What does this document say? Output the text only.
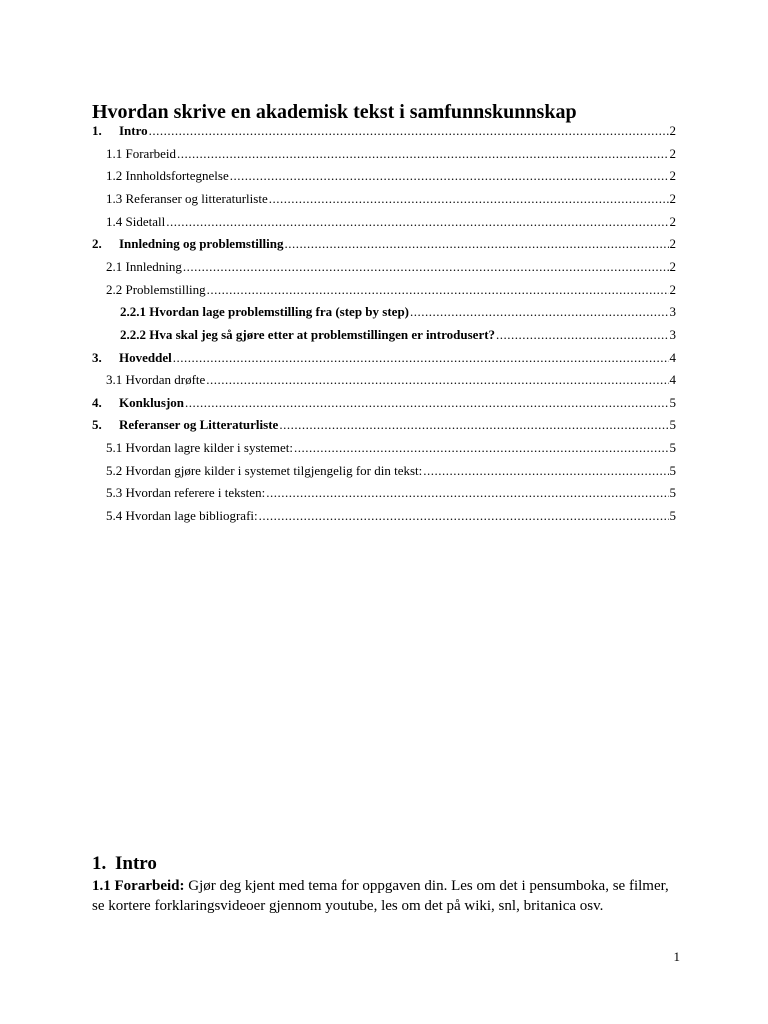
Hvordan skrive en akademisk tekst i samfunnskunnskap
1.	Intro .....	2
1.1 Forarbeid .....	2
1.2 Innholdsfortegnelse .....	2
1.3 Referanser og litteraturliste .....	2
1.4 Sidetall .....	2
2.	Innledning og problemstilling .....	2
2.1 Innledning .....	2
2.2 Problemstilling .....	2
2.2.1 Hvordan lage problemstilling fra (step by step) .....	3
2.2.2 Hva skal jeg så gjøre etter at problemstillingen er introdusert? .....	3
3.	Hoveddel .....	4
3.1 Hvordan drøfte .....	4
4.	Konklusjon .....	5
5.	Referanser og Litteraturliste .....	5
5.1 Hvordan lagre kilder i systemet: .....	5
5.2 Hvordan gjøre kilder i systemet tilgjengelig for din tekst: .....	5
5.3 Hvordan referere i teksten: .....	5
5.4 Hvordan lage bibliografi: .....	5
1. Intro
1.1 Forarbeid: Gjør deg kjent med tema for oppgaven din. Les om det i pensumboka, se filmer, se kortere forklaringsvideoer gjennom youtube, les om det på wiki, snl, britanica osv.
1
